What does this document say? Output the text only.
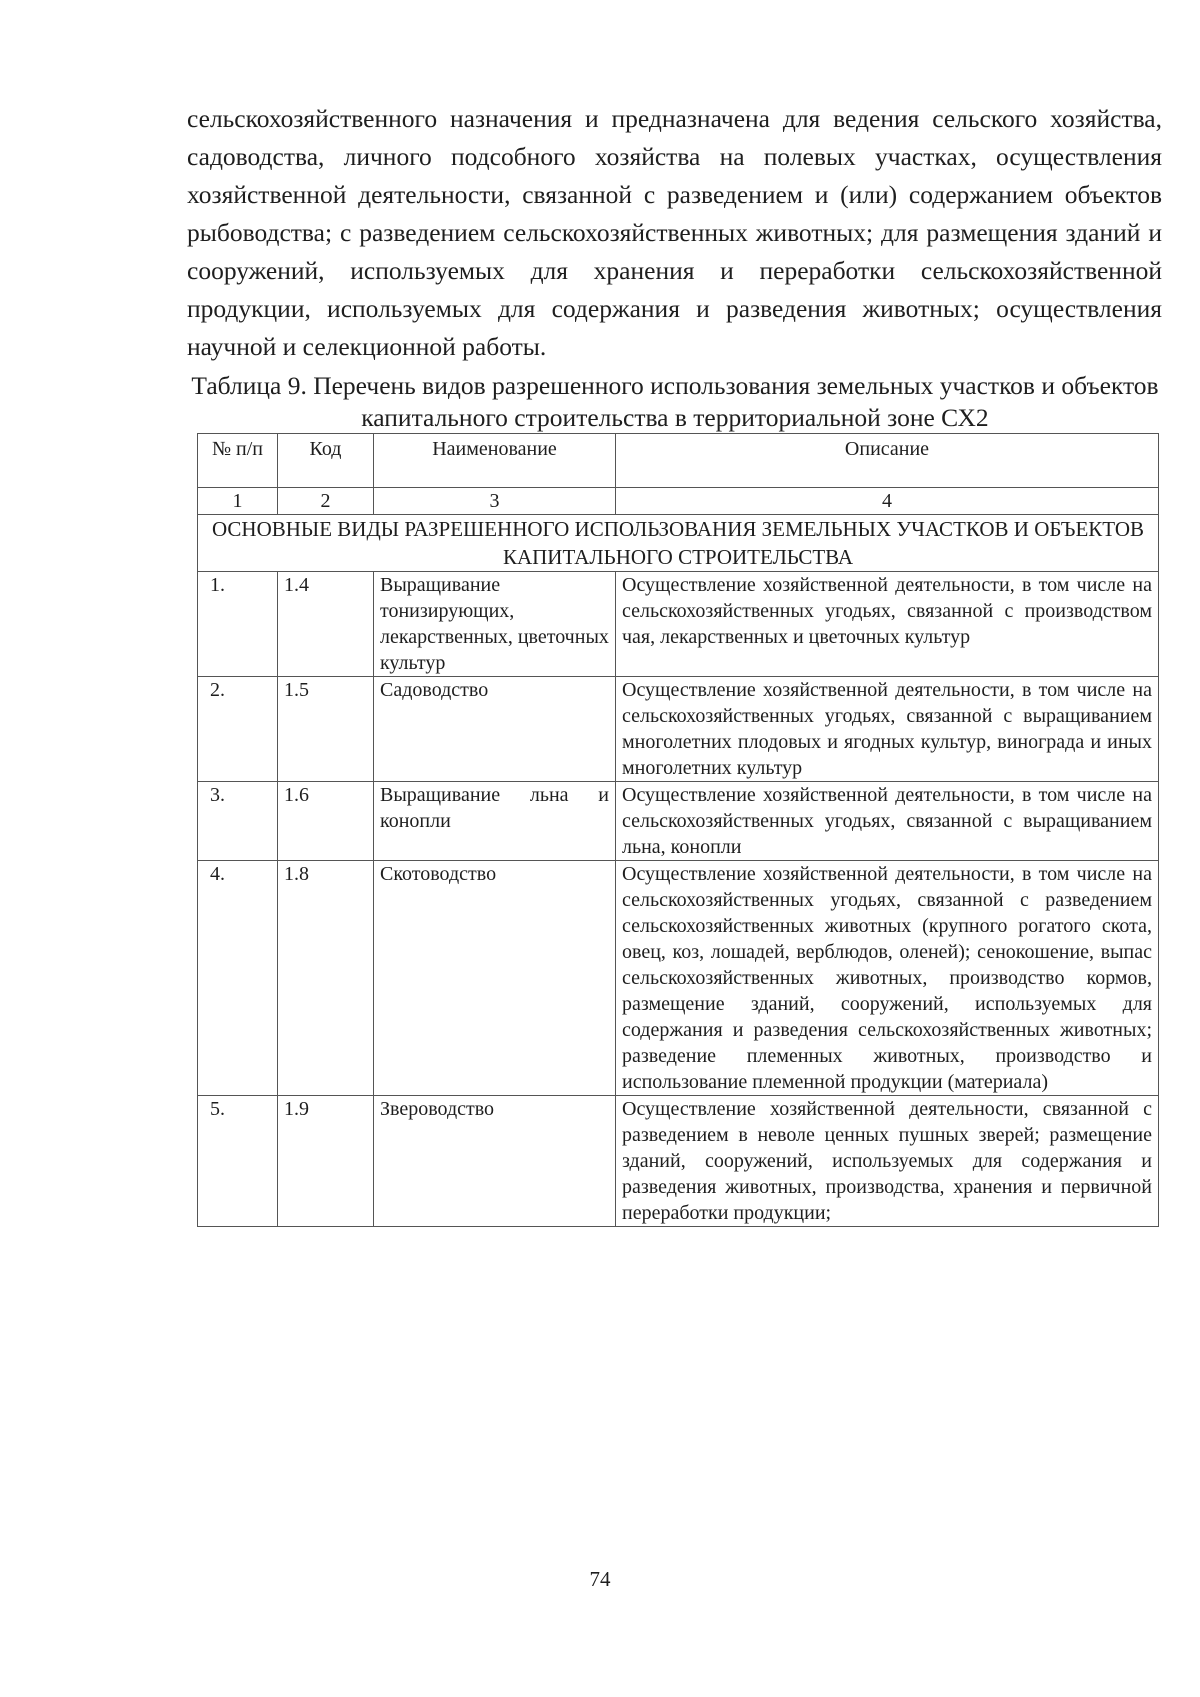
сельскохозяйственного назначения и предназначена для ведения сельского хозяйства, садоводства, личного подсобного хозяйства на полевых участках, осуществления хозяйственной деятельности, связанной с разведением и (или) содержанием объектов рыбоводства; с разведением сельскохозяйственных животных; для размещения зданий и сооружений, используемых для хранения и переработки сельскохозяйственной продукции, используемых для содержания и разведения животных; осуществления научной и селекционной работы.

Таблица 9. Перечень видов разрешенного использования земельных участков и объектов капитального строительства в территориальной зоне СХ2

№ п/п	Код	Наименование	Описание
1	2	3	4
ОСНОВНЫЕ ВИДЫ РАЗРЕШЕННОГО ИСПОЛЬЗОВАНИЯ ЗЕМЕЛЬНЫХ УЧАСТКОВ И ОБЪЕКТОВ КАПИТАЛЬНОГО СТРОИТЕЛЬСТВА			
1.	1.4	Выращивание тонизирующих, лекарственных, цветочных культур	Осуществление хозяйственной деятельности, в том числе на сельскохозяйственных угодьях, связанной с производством чая, лекарственных и цветочных культур
2.	1.5	Садоводство	Осуществление хозяйственной деятельности, в том числе на сельскохозяйственных угодьях, связанной с выращиванием многолетних плодовых и ягодных культур, винограда и иных многолетних культур
3.	1.6	Выращивание льна и конопли	Осуществление хозяйственной деятельности, в том числе на сельскохозяйственных угодьях, связанной с выращиванием льна, конопли
4.	1.8	Скотоводство	Осуществление хозяйственной деятельности, в том числе на сельскохозяйственных угодьях, связанной с разведением сельскохозяйственных животных (крупного рогатого скота, овец, коз, лошадей, верблюдов, оленей); сенокошение, выпас сельскохозяйственных животных, производство кормов, размещение зданий, сооружений, используемых для содержания и разведения сельскохозяйственных животных; разведение племенных животных, производство и использование племенной продукции (материала)
5.	1.9	Звероводство	Осуществление хозяйственной деятельности, связанной с разведением в неволе ценных пушных зверей; размещение зданий, сооружений, используемых для содержания и разведения животных, производства, хранения и первичной переработки продукции;
74
